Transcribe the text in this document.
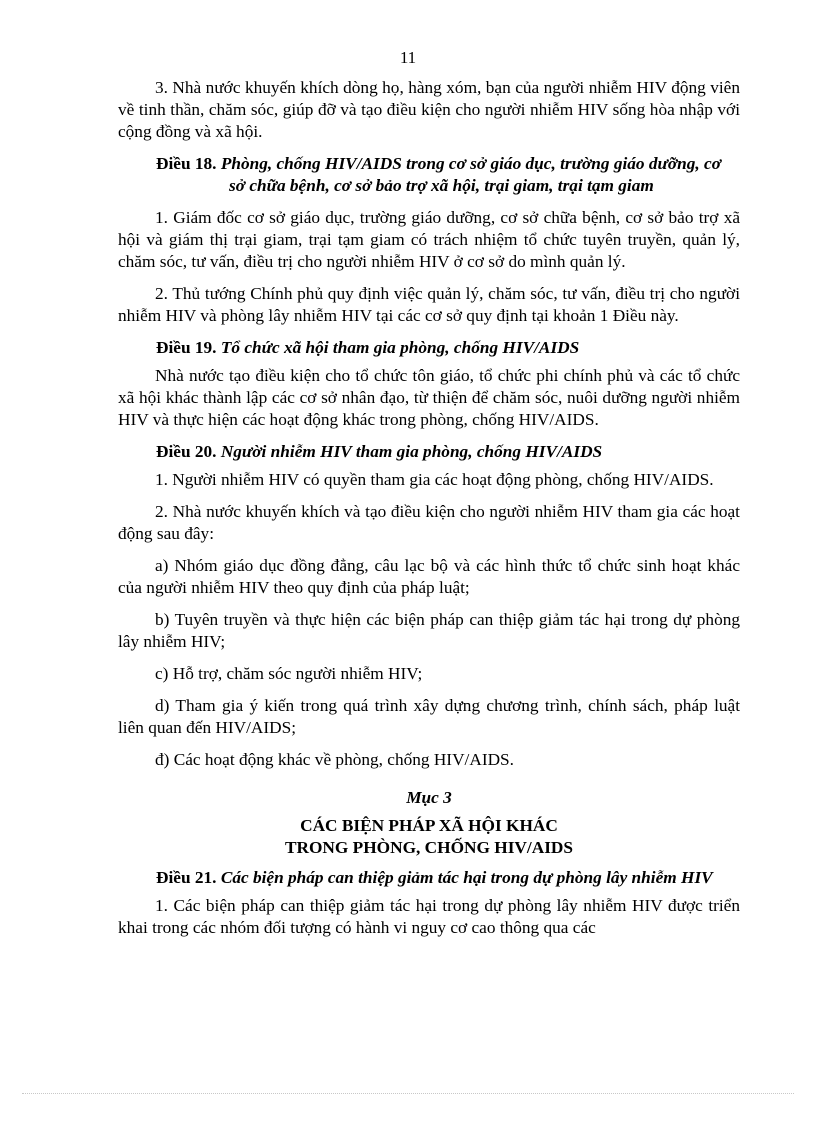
11

3. Nhà nước khuyến khích dòng họ, hàng xóm, bạn của người nhiễm HIV động viên về tinh thần, chăm sóc, giúp đỡ và tạo điều kiện cho người nhiễm HIV sống hòa nhập với cộng đồng và xã hội.

Điều 18. Phòng, chống HIV/AIDS trong cơ sở giáo dục, trường giáo dưỡng, cơ sở chữa bệnh, cơ sở bảo trợ xã hội, trại giam, trại tạm giam

1. Giám đốc cơ sở giáo dục, trường giáo dưỡng, cơ sở chữa bệnh, cơ sở bảo trợ xã hội và giám thị trại giam, trại tạm giam có trách nhiệm tổ chức tuyên truyền, quản lý, chăm sóc, tư vấn, điều trị cho người nhiễm HIV ở cơ sở do mình quản lý.

2. Thủ tướng Chính phủ quy định việc quản lý, chăm sóc, tư vấn, điều trị cho người nhiễm HIV và phòng lây nhiễm HIV tại các cơ sở quy định tại khoản 1 Điều này.

Điều 19. Tổ chức xã hội tham gia phòng, chống HIV/AIDS

Nhà nước tạo điều kiện cho tổ chức tôn giáo, tổ chức phi chính phủ và các tổ chức xã hội khác thành lập các cơ sở nhân đạo, từ thiện để chăm sóc, nuôi dưỡng người nhiễm HIV và thực hiện các hoạt động khác trong phòng, chống HIV/AIDS.

Điều 20. Người nhiễm HIV tham gia phòng, chống HIV/AIDS

1. Người nhiễm HIV có quyền tham gia các hoạt động phòng, chống HIV/AIDS.

2. Nhà nước khuyến khích và tạo điều kiện cho người nhiễm HIV tham gia các hoạt động sau đây:

a) Nhóm giáo dục đồng đẳng, câu lạc bộ và các hình thức tổ chức sinh hoạt khác của người nhiễm HIV theo quy định của pháp luật;

b) Tuyên truyền và thực hiện các biện pháp can thiệp giảm tác hại trong dự phòng lây nhiễm HIV;

c) Hỗ trợ, chăm sóc người nhiễm HIV;

d) Tham gia ý kiến trong quá trình xây dựng chương trình, chính sách, pháp luật liên quan đến HIV/AIDS;

đ) Các hoạt động khác về phòng, chống HIV/AIDS.

Mục 3
CÁC BIỆN PHÁP XÃ HỘI KHÁC
TRONG PHÒNG, CHỐNG HIV/AIDS
Điều 21. Các biện pháp can thiệp giảm tác hại trong dự phòng lây nhiễm HIV

1. Các biện pháp can thiệp giảm tác hại trong dự phòng lây nhiễm HIV được triển khai trong các nhóm đối tượng có hành vi nguy cơ cao thông qua các
